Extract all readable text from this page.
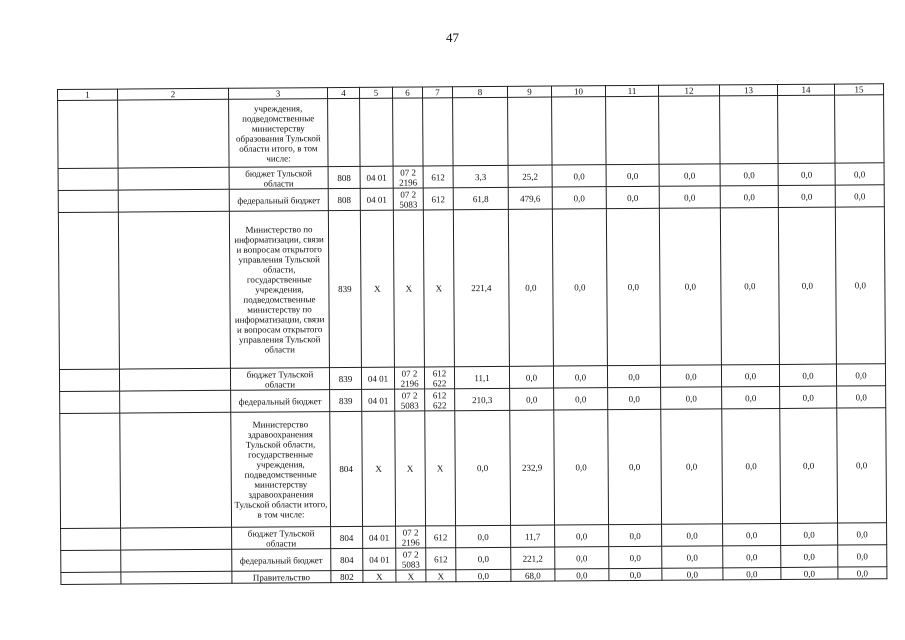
47
1	2	3	4	5	6	7	8	9	10	11	12	13	14	15
		учреждения, подведомственные министерству образования Тульской области итого, в том числе:												
		бюджет Тульской области	808	04 01	07 2 2196	612	3,3	25,2	0,0	0,0	0,0	0,0	0,0	0,0
		федеральный бюджет	808	04 01	07 2 5083	612	61,8	479,6	0,0	0,0	0,0	0,0	0,0	0,0
		Министерство по информатизации, связи и вопросам открытого управления Тульской области, государственные учреждения, подведомственные министерству по информатизации, связи и вопросам открытого управления Тульской области	839	X	X	X	221,4	0,0	0,0	0,0	0,0	0,0	0,0	0,0
		бюджет Тульской области	839	04 01	07 2 2196	612 622	11,1	0,0	0,0	0,0	0,0	0,0	0,0	0,0
		федеральный бюджет	839	04 01	07 2 5083	612 622	210,3	0,0	0,0	0,0	0,0	0,0	0,0	0,0
		Министерство здравоохранения Тульской области, государственные учреждения, подведомственные министерству здравоохранения Тульской области итого, в том числе:	804	X	X	X	0,0	232,9	0,0	0,0	0,0	0,0	0,0	0,0
		бюджет Тульской области	804	04 01	07 2 2196	612	0,0	11,7	0,0	0,0	0,0	0,0	0,0	0,0
		федеральный бюджет	804	04 01	07 2 5083	612	0,0	221,2	0,0	0,0	0,0	0,0	0,0	0,0
		Правительство	802	X	X	X	0,0	68,0	0,0	0,0	0,0	0,0	0,0	0,0
